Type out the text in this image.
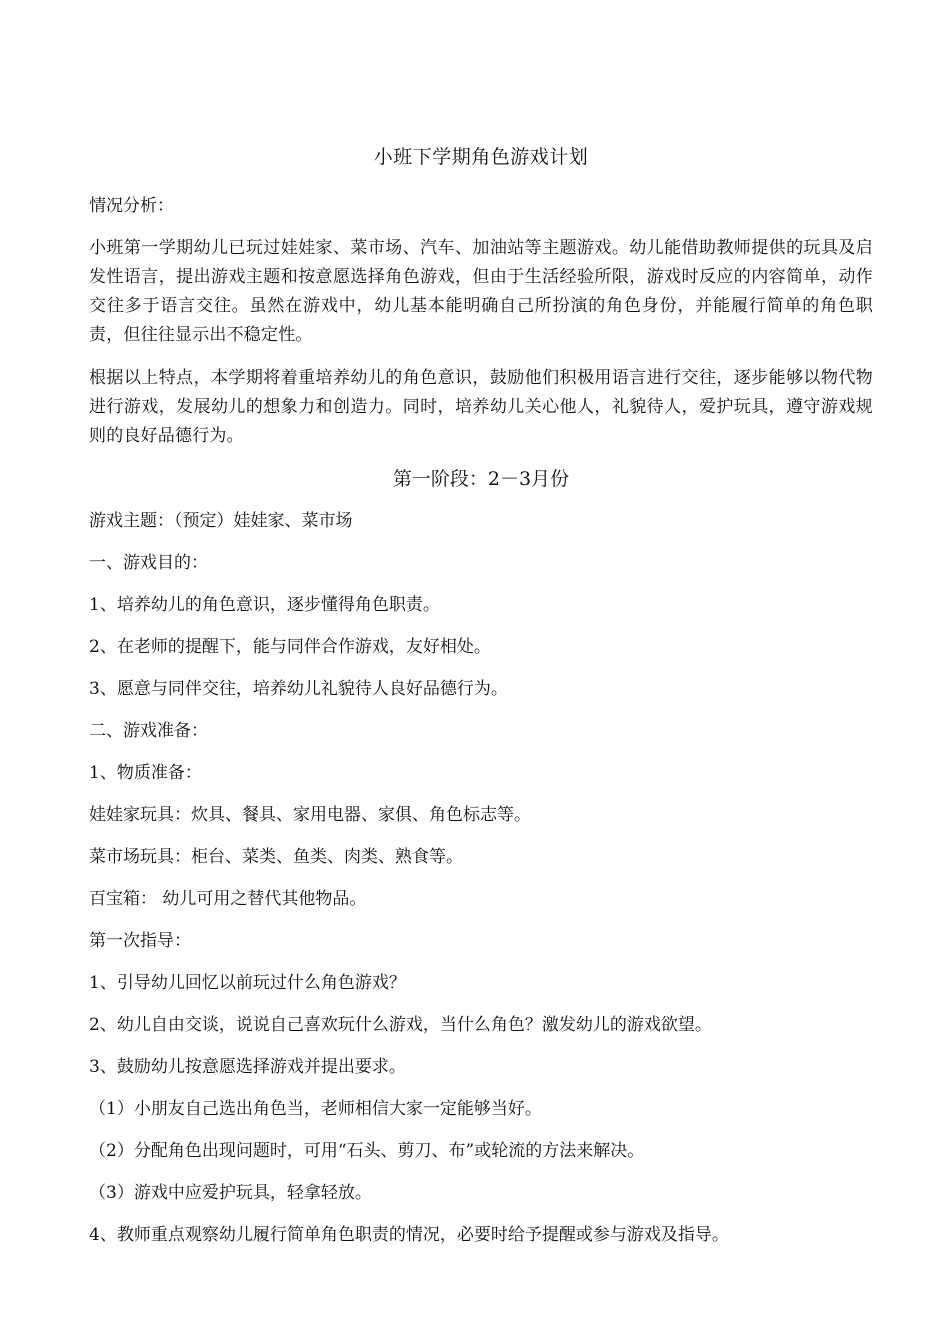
小班下学期角色游戏计划

情况分析：

小班第一学期幼儿已玩过娃娃家、菜市场、汽车、加油站等主题游戏。幼儿能借助教师提供的玩具及启发性语言，提出游戏主题和按意愿选择角色游戏，但由于生活经验所限，游戏时反应的内容简单，动作交往多于语言交往。虽然在游戏中，幼儿基本能明确自己所扮演的角色身份，并能履行简单的角色职责，但往往显示出不稳定性。

根据以上特点，本学期将着重培养幼儿的角色意识，鼓励他们积极用语言进行交往，逐步能够以物代物进行游戏，发展幼儿的想象力和创造力。同时，培养幼儿关心他人，礼貌待人，爱护玩具，遵守游戏规则的良好品德行为。

第一阶段：2－3月份

游戏主题：（预定）娃娃家、菜市场

一、游戏目的：

1、培养幼儿的角色意识，逐步懂得角色职责。

2、在老师的提醒下，能与同伴合作游戏，友好相处。

3、愿意与同伴交往，培养幼儿礼貌待人良好品德行为。

二、游戏准备：

1、物质准备：

娃娃家玩具：炊具、餐具、家用电器、家俱、角色标志等。

菜市场玩具：柜台、菜类、鱼类、肉类、熟食等。

百宝箱： 幼儿可用之替代其他物品。

第一次指导：

1、引导幼儿回忆以前玩过什么角色游戏？

2、幼儿自由交谈，说说自己喜欢玩什么游戏，当什么角色？激发幼儿的游戏欲望。

3、鼓励幼儿按意愿选择游戏并提出要求。

（1）小朋友自己选出角色当，老师相信大家一定能够当好。

（2）分配角色出现问题时，可用“石头、剪刀、布”或轮流的方法来解决。

（3）游戏中应爱护玩具，轻拿轻放。

4、教师重点观察幼儿履行简单角色职责的情况，必要时给予提醒或参与游戏及指导。
